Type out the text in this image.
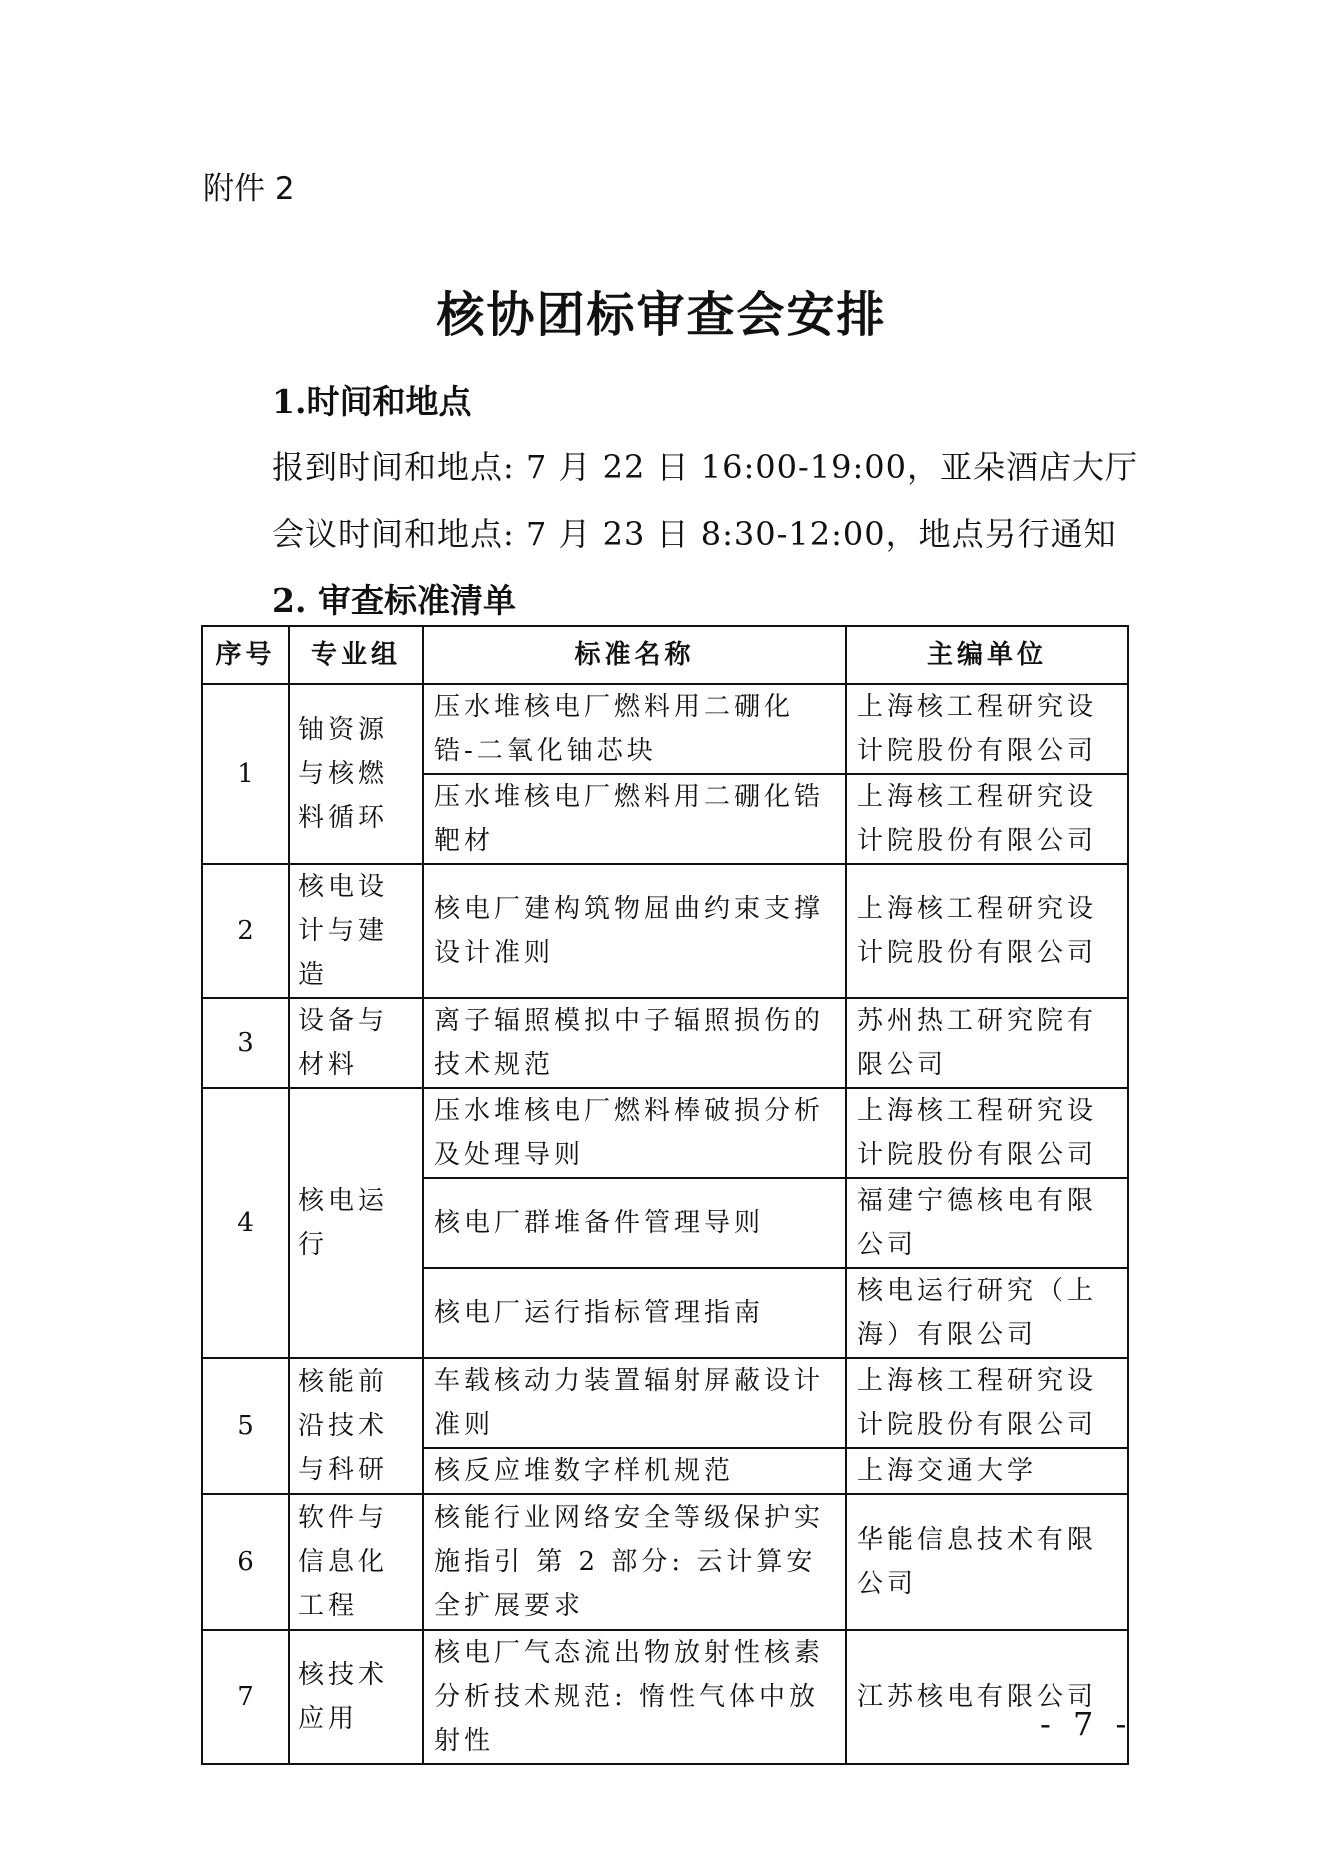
附件 2
核协团标审查会安排
1.时间和地点
报到时间和地点: 7 月 22 日 16:00-19:00，亚朵酒店大厅
会议时间和地点: 7 月 23 日 8:30-12:00，地点另行通知
2. 审查标准清单
序号	专业组	标准名称	主编单位
1	铀资源与核燃料循环	压水堆核电厂燃料用二硼化锆-二氧化铀芯块	上海核工程研究设计院股份有限公司
		压水堆核电厂燃料用二硼化锆靶材	上海核工程研究设计院股份有限公司
2	核电设计与建造	核电厂建构筑物屈曲约束支撑设计准则	上海核工程研究设计院股份有限公司
3	设备与材料	离子辐照模拟中子辐照损伤的技术规范	苏州热工研究院有限公司
4	核电运行	压水堆核电厂燃料棒破损分析及处理导则	上海核工程研究设计院股份有限公司
		核电厂群堆备件管理导则	福建宁德核电有限公司
		核电厂运行指标管理指南	核电运行研究（上海）有限公司
5	核能前沿技术与科研	车载核动力装置辐射屏蔽设计准则	上海核工程研究设计院股份有限公司
		核反应堆数字样机规范	上海交通大学
6	软件与信息化工程	核能行业网络安全等级保护实施指引 第 2 部分: 云计算安全扩展要求	华能信息技术有限公司
7	核技术应用	核电厂气态流出物放射性核素分析技术规范: 惰性气体中放射性	江苏核电有限公司
- 7 -
